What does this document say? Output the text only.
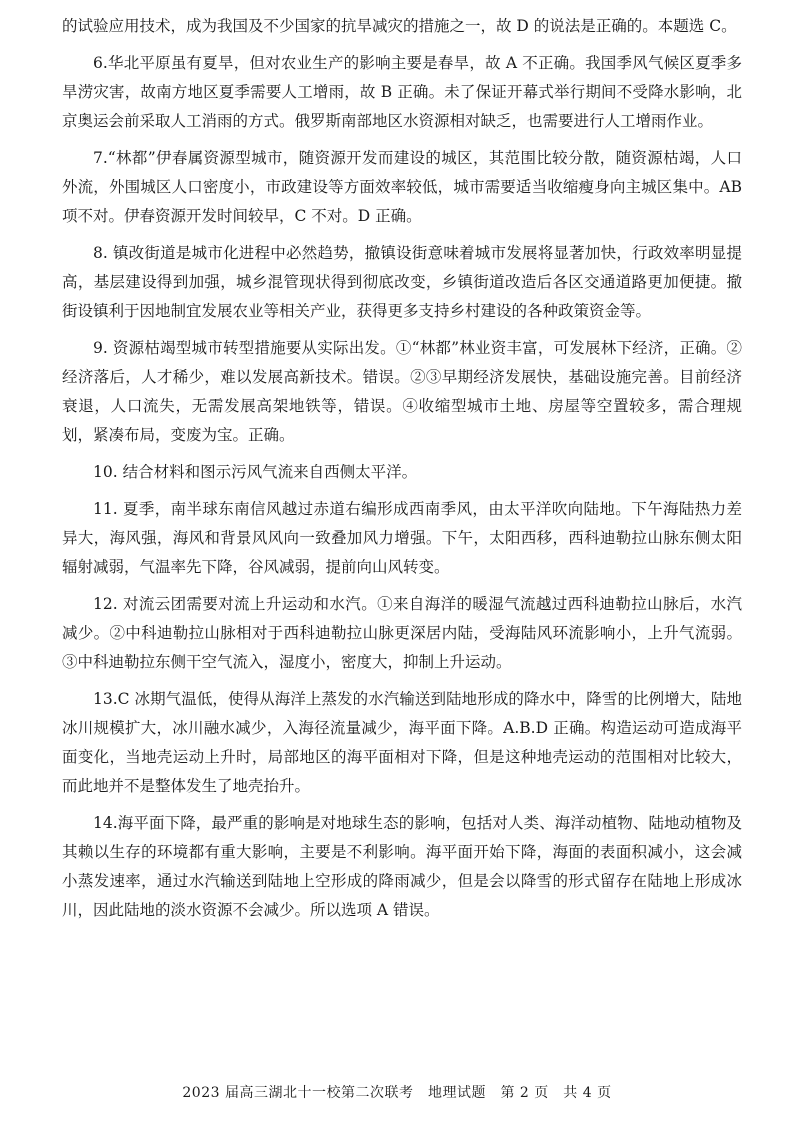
的试验应用技术，成为我国及不少国家的抗旱减灾的措施之一，故 D 的说法是正确的。本题选 C。

6.华北平原虽有夏旱，但对农业生产的影响主要是春旱，故 A 不正确。我国季风气候区夏季多旱涝灾害，故南方地区夏季需要人工增雨，故 B 正确。未了保证开幕式举行期间不受降水影响，北京奥运会前采取人工消雨的方式。俄罗斯南部地区水资源相对缺乏，也需要进行人工增雨作业。

7.“林都”伊春属资源型城市，随资源开发而建设的城区，其范围比较分散，随资源枯竭，人口外流，外围城区人口密度小，市政建设等方面效率较低，城市需要适当收缩瘦身向主城区集中。AB 项不对。伊春资源开发时间较早，C 不对。D 正确。

8. 镇改街道是城市化进程中必然趋势，撤镇设街意味着城市发展将显著加快，行政效率明显提高，基层建设得到加强，城乡混管现状得到彻底改变，乡镇街道改造后各区交通道路更加便捷。撤街设镇利于因地制宜发展农业等相关产业，获得更多支持乡村建设的各种政策资金等。

9. 资源枯竭型城市转型措施要从实际出发。①“林都”林业资丰富，可发展林下经济，正确。②经济落后，人才稀少，难以发展高新技术。错误。②③早期经济发展快，基础设施完善。目前经济衰退，人口流失，无需发展高架地铁等，错误。④收缩型城市土地、房屋等空置较多，需合理规划，紧凑布局，变废为宝。正确。

10. 结合材料和图示污风气流来自西侧太平洋。

11. 夏季，南半球东南信风越过赤道右编形成西南季风，由太平洋吹向陆地。下午海陆热力差异大，海风强，海风和背景风风向一致叠加风力增强。下午，太阳西移，西科迪勒拉山脉东侧太阳辐射减弱，气温率先下降，谷风减弱，提前向山风转变。

12. 对流云团需要对流上升运动和水汽。①来自海洋的暖湿气流越过西科迪勒拉山脉后，水汽减少。②中科迪勒拉山脉相对于西科迪勒拉山脉更深居内陆，受海陆风环流影响小，上升气流弱。③中科迪勒拉东侧干空气流入，湿度小，密度大，抑制上升运动。

13.C 冰期气温低，使得从海洋上蒸发的水汽输送到陆地形成的降水中，降雪的比例增大，陆地冰川规模扩大，冰川融水减少，入海径流量减少，海平面下降。A.B.D 正确。构造运动可造成海平面变化，当地壳运动上升时，局部地区的海平面相对下降，但是这种地壳运动的范围相对比较大，而此地并不是整体发生了地壳抬升。

14.海平面下降，最严重的影响是对地球生态的影响，包括对人类、海洋动植物、陆地动植物及其赖以生存的环境都有重大影响，主要是不利影响。海平面开始下降，海面的表面积减小，这会减小蒸发速率，通过水汽输送到陆地上空形成的降雨减少，但是会以降雪的形式留存在陆地上形成冰川，因此陆地的淡水资源不会减少。所以选项 A 错误。

2023 届高三湖北十一校第二次联考　地理试题　第 2 页　共 4 页
